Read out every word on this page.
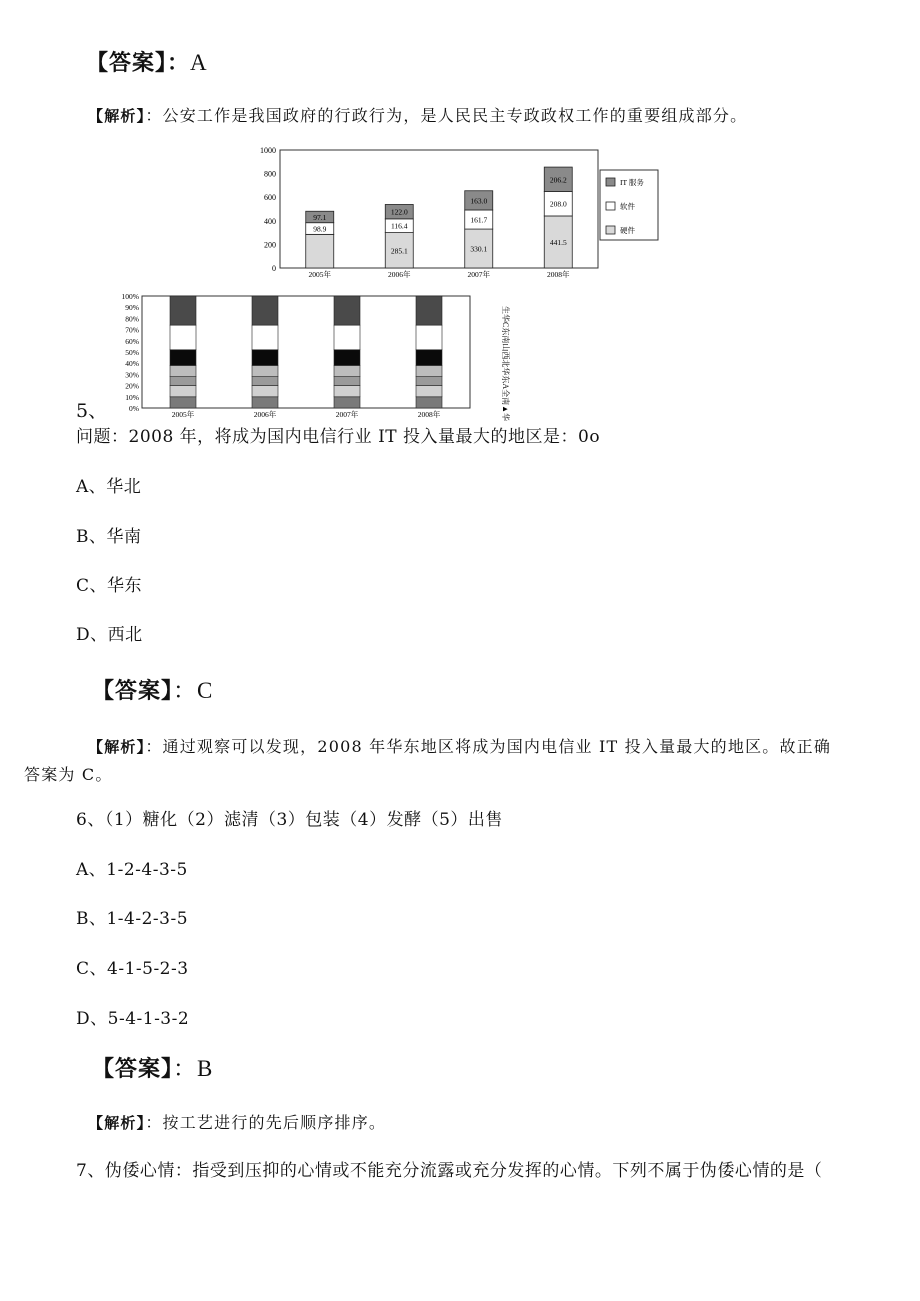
【答案】：A
【解析】：公安工作是我国政府的行政行为，是人民民主专政政权工作的重要组成部分。
0
200
400
600
800
1000
98.9
97.1
285.1
116.4
122.0
330.1
161.7
163.0
441.5
208.0
206.2
2005年	2006年	2007年	2008年
IT 服务
软件
硬件
0%
10%
20%
30%
40%
50%
60%
70%
80%
90%
100%
2005年	2006年	2007年	2008年	生华C东南山西北华东A全南▲华
5、
问题：2008 年，将成为国内电信行业 IT 投入量最大的地区是：0o
A、华北
B、华南
C、华东
D、西北
【答案】：C
【解析】：通过观察可以发现，2008 年华东地区将成为国内电信业 IT 投入量最大的地区。故正确
答案为 C。
6、（1）糖化（2）滤清（3）包装（4）发酵（5）出售
A、1-2-4-3-5
B、1-4-2-3-5
C、4-1-5-2-3
D、5-4-1-3-2
【答案】：B
【解析】：按工艺进行的先后顺序排序。
7、伪倭心情：指受到压抑的心情或不能充分流露或充分发挥的心情。下列不属于伪倭心情的是（
